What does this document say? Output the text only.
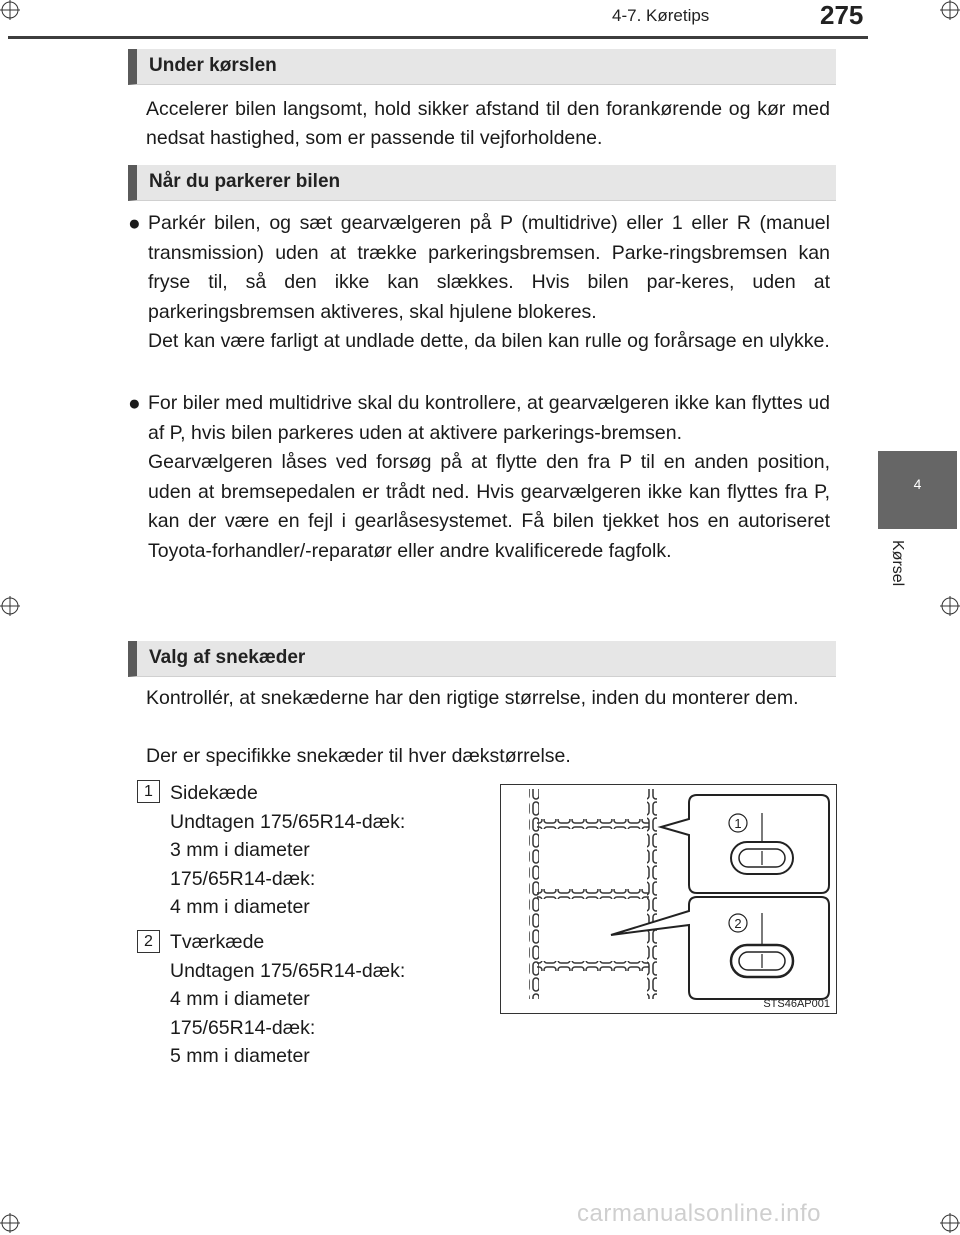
4-7. Køretips	275
4
Kørsel
Under kørslen
Accelerer bilen langsomt, hold sikker afstand til den forankørende og kør med nedsat hastighed, som er passende til vejforholdene.
Når du parkerer bilen
● Parkér bilen, og sæt gearvælgeren på P (multidrive) eller 1 eller R (manuel transmission) uden at trække parkeringsbremsen. Parke-ringsbremsen kan fryse til, så den ikke kan slækkes. Hvis bilen par-keres, uden at parkeringsbremsen aktiveres, skal hjulene blokeres.

Det kan være farligt at undlade dette, da bilen kan rulle og forårsage en ulykke.

● For biler med multidrive skal du kontrollere, at gearvælgeren ikke kan flyttes ud af P, hvis bilen parkeres uden at aktivere parkerings-bremsen.

Gearvælgeren låses ved forsøg på at flytte den fra P til en anden position, uden at bremsepedalen er trådt ned. Hvis gearvælgeren ikke kan flyttes fra P, kan der være en fejl i gearlåsesystemet. Få bilen tjekket hos en autoriseret Toyota-forhandler/-reparatør eller andre kvalificerede fagfolk.

Valg af snekæder
Kontrollér, at snekæderne har den rigtige størrelse, inden du monterer dem.
Der er specifikke snekæder til hver dækstørrelse.
1 Sidekæde
Undtagen 175/65R14-dæk:
3 mm i diameter
175/65R14-dæk:
4 mm i diameter
2 Tværkæde
Undtagen 175/65R14-dæk:
4 mm i diameter
175/65R14-dæk:
5 mm i diameter
1
2
STS46AP001
carmanualsonline.info
